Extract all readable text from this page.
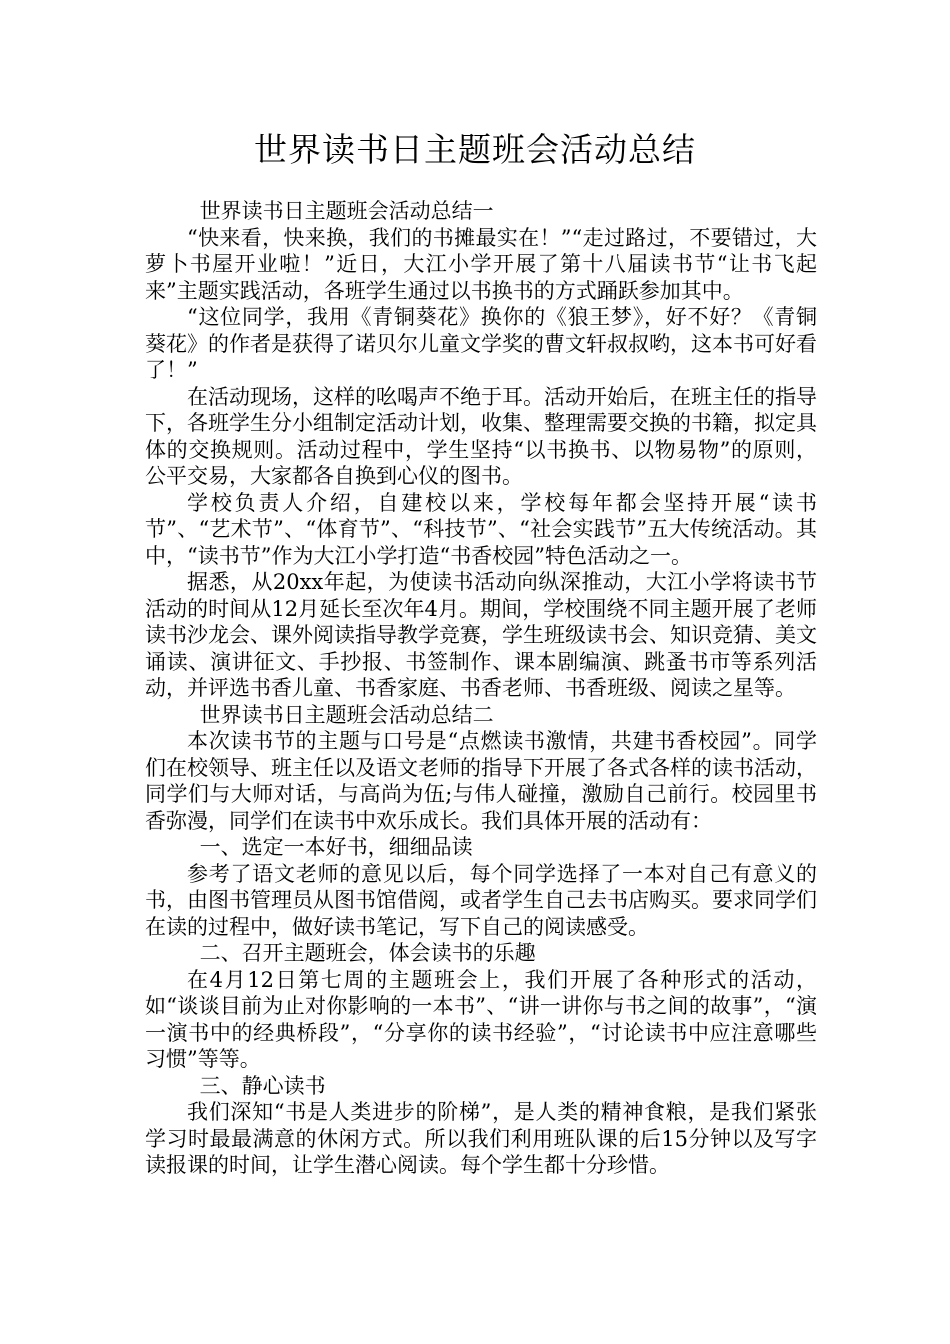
世界读书日主题班会活动总结

世界读书日主题班会活动总结一

“快来看，快来换，我们的书摊最实在！”“走过路过，不要错过，大萝卜书屋开业啦！”近日，大江小学开展了第十八届读书节“让书飞起来”主题实践活动，各班学生通过以书换书的方式踊跃参加其中。

“这位同学，我用《青铜葵花》换你的《狼王梦》，好不好？《青铜葵花》的作者是获得了诺贝尔儿童文学奖的曹文轩叔叔哟，这本书可好看了！”

在活动现场，这样的吆喝声不绝于耳。活动开始后，在班主任的指导下，各班学生分小组制定活动计划，收集、整理需要交换的书籍，拟定具体的交换规则。活动过程中，学生坚持“以书换书、以物易物”的原则，公平交易，大家都各自换到心仪的图书。

学校负责人介绍，自建校以来，学校每年都会坚持开展“读书节”、“艺术节”、“体育节”、“科技节”、“社会实践节”五大传统活动。其中，“读书节”作为大江小学打造“书香校园”特色活动之一。

据悉，从20xx年起，为使读书活动向纵深推动，大江小学将读书节活动的时间从12月延长至次年4月。期间，学校围绕不同主题开展了老师读书沙龙会、课外阅读指导教学竞赛，学生班级读书会、知识竞猜、美文诵读、演讲征文、手抄报、书签制作、课本剧编演、跳蚤书市等系列活动，并评选书香儿童、书香家庭、书香老师、书香班级、阅读之星等。

世界读书日主题班会活动总结二

本次读书节的主题与口号是“点燃读书激情，共建书香校园”。同学们在校领导、班主任以及语文老师的指导下开展了各式各样的读书活动，同学们与大师对话，与高尚为伍;与伟人碰撞，激励自己前行。校园里书香弥漫，同学们在读书中欢乐成长。我们具体开展的活动有：

一、选定一本好书，细细品读

参考了语文老师的意见以后，每个同学选择了一本对自己有意义的书，由图书管理员从图书馆借阅，或者学生自己去书店购买。要求同学们在读的过程中，做好读书笔记，写下自己的阅读感受。

二、召开主题班会，体会读书的乐趣

在4月12日第七周的主题班会上，我们开展了各种形式的活动，如“谈谈目前为止对你影响的一本书”、“讲一讲你与书之间的故事”，“演一演书中的经典桥段”，“分享你的读书经验”，“讨论读书中应注意哪些习惯”等等。

三、静心读书

我们深知“书是人类进步的阶梯”，是人类的精神食粮，是我们紧张学习时最最满意的休闲方式。所以我们利用班队课的后15分钟以及写字读报课的时间，让学生潜心阅读。每个学生都十分珍惜。
